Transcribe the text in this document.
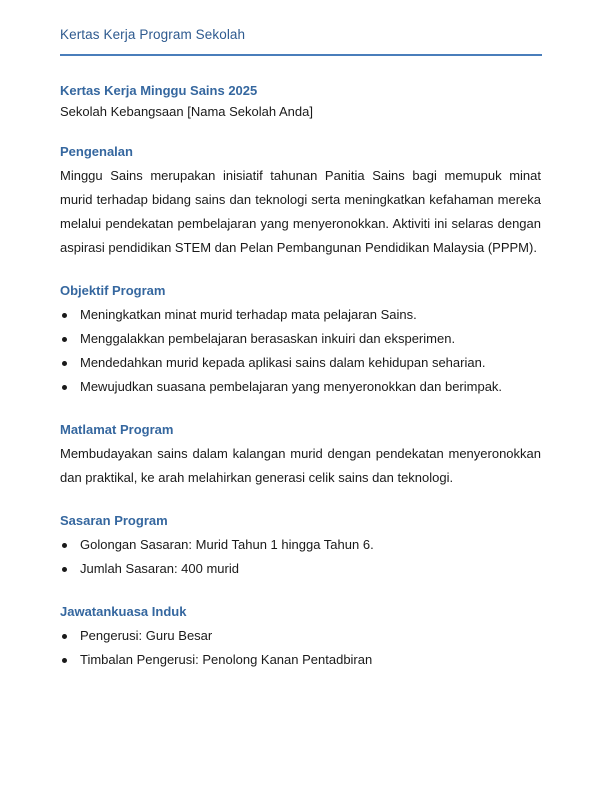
Kertas Kerja Program Sekolah

Kertas Kerja Minggu Sains 2025

Sekolah Kebangsaan [Nama Sekolah Anda]

Pengenalan

Minggu Sains merupakan inisiatif tahunan Panitia Sains bagi memupuk minat murid terhadap bidang sains dan teknologi serta meningkatkan kefahaman mereka melalui pendekatan pembelajaran yang menyeronokkan. Aktiviti ini selaras dengan aspirasi pendidikan STEM dan Pelan Pembangunan Pendidikan Malaysia (PPPM).

Objektif Program

Meningkatkan minat murid terhadap mata pelajaran Sains.
Menggalakkan pembelajaran berasaskan inkuiri dan eksperimen.
Mendedahkan murid kepada aplikasi sains dalam kehidupan seharian.
Mewujudkan suasana pembelajaran yang menyeronokkan dan berimpak.

Matlamat Program

Membudayakan sains dalam kalangan murid dengan pendekatan menyeronokkan dan praktikal, ke arah melahirkan generasi celik sains dan teknologi.

Sasaran Program

Golongan Sasaran: Murid Tahun 1 hingga Tahun 6.
Jumlah Sasaran: 400 murid

Jawatankuasa Induk

Pengerusi: Guru Besar
Timbalan Pengerusi: Penolong Kanan Pentadbiran
